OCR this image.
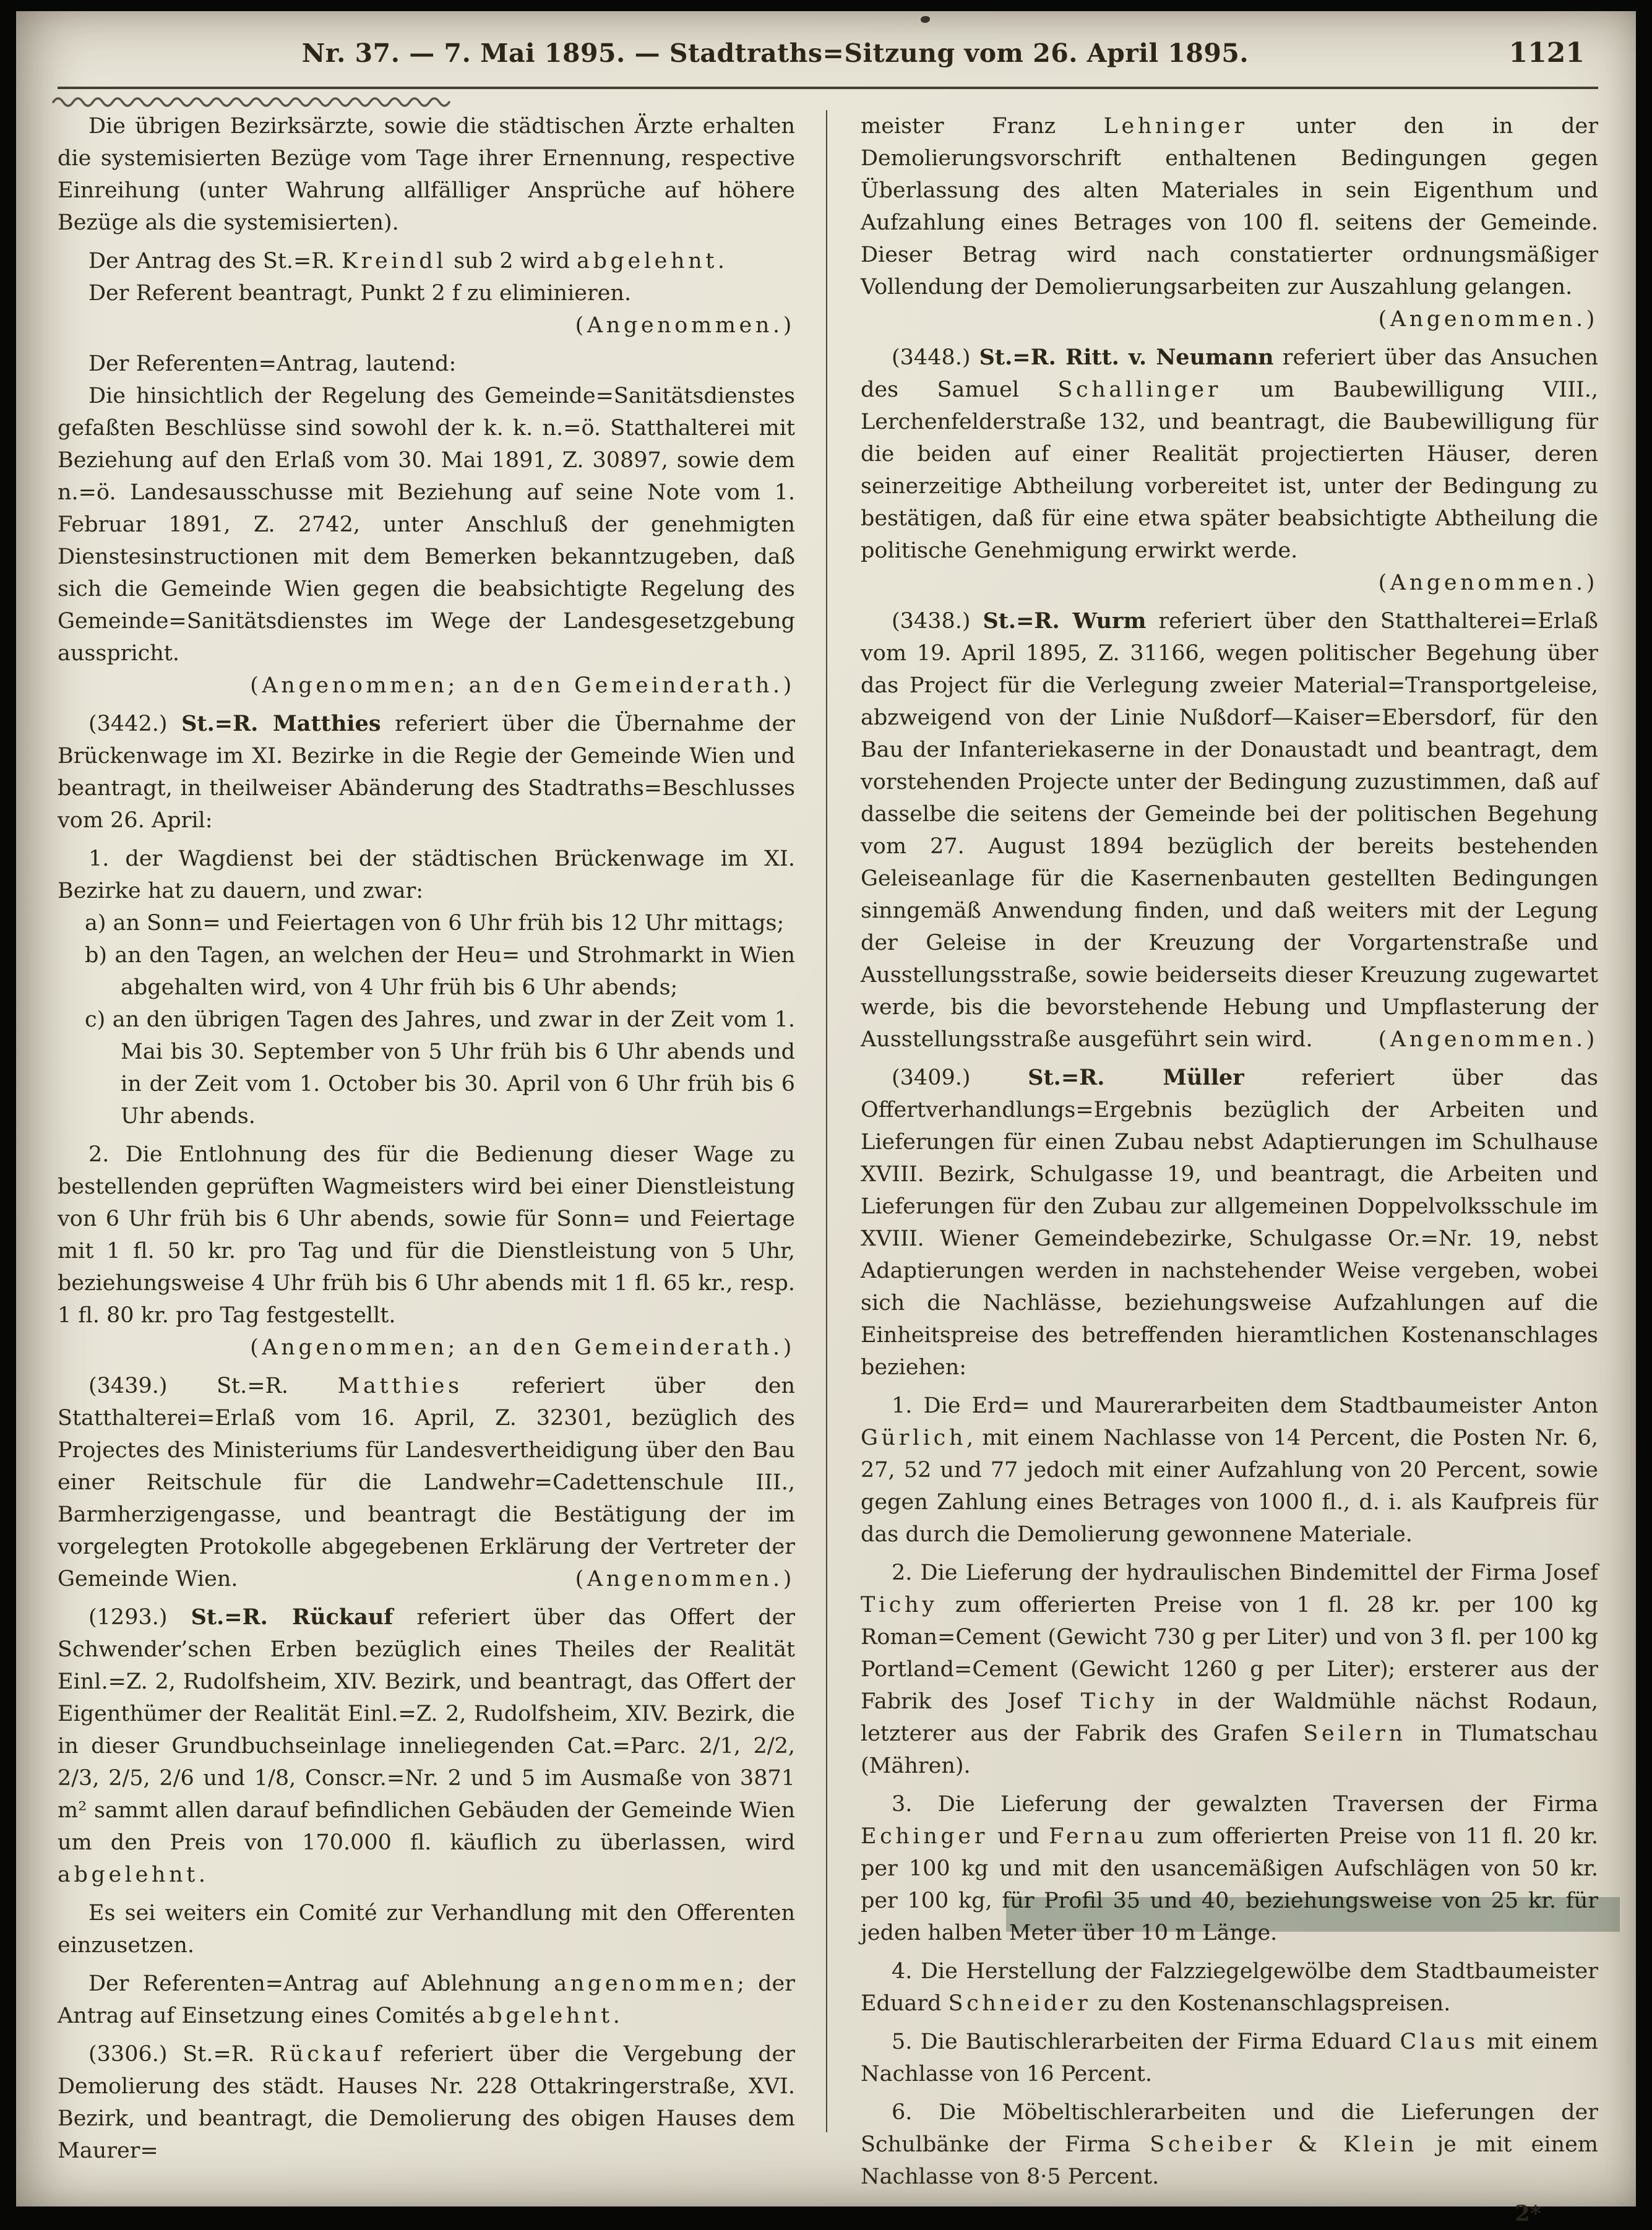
Nr. 37. — 7. Mai 1895. — Stadtraths=Sitzung vom 26. April 1895.	1121

Die übrigen Bezirksärzte, sowie die städtischen Ärzte erhalten die systemisierten Bezüge vom Tage ihrer Ernennung, respective Einreihung (unter Wahrung allfälliger Ansprüche auf höhere Bezüge als die systemisierten).

Der Antrag des St.=R. Kreindl sub 2 wird abgelehnt.

Der Referent beantragt, Punkt 2 f zu eliminieren.

(Angenommen.)

Der Referenten=Antrag, lautend:

Die hinsichtlich der Regelung des Gemeinde=Sanitätsdienstes gefaßten Beschlüsse sind sowohl der k. k. n.=ö. Statthalterei mit Beziehung auf den Erlaß vom 30. Mai 1891, Z. 30897, sowie dem n.=ö. Landesausschusse mit Beziehung auf seine Note vom 1. Februar 1891, Z. 2742, unter Anschluß der genehmigten Dienstesinstructionen mit dem Bemerken bekanntzugeben, daß sich die Gemeinde Wien gegen die beabsichtigte Regelung des Gemeinde=Sanitätsdienstes im Wege der Landesgesetzgebung ausspricht.

(Angenommen; an den Gemeinderath.)

(3442.) St.=R. Matthies referiert über die Übernahme der Brückenwage im XI. Bezirke in die Regie der Gemeinde Wien und beantragt, in theilweiser Abänderung des Stadtraths=Beschlusses vom 26. April:

1. der Wagdienst bei der städtischen Brückenwage im XI. Bezirke hat zu dauern, und zwar:

a) an Sonn= und Feiertagen von 6 Uhr früh bis 12 Uhr mittags;

b) an den Tagen, an welchen der Heu= und Strohmarkt in Wien abgehalten wird, von 4 Uhr früh bis 6 Uhr abends;

c) an den übrigen Tagen des Jahres, und zwar in der Zeit vom 1. Mai bis 30. September von 5 Uhr früh bis 6 Uhr abends und in der Zeit vom 1. October bis 30. April von 6 Uhr früh bis 6 Uhr abends.

2. Die Entlohnung des für die Bedienung dieser Wage zu bestellenden geprüften Wagmeisters wird bei einer Dienstleistung von 6 Uhr früh bis 6 Uhr abends, sowie für Sonn= und Feiertage mit 1 fl. 50 kr. pro Tag und für die Dienstleistung von 5 Uhr, beziehungsweise 4 Uhr früh bis 6 Uhr abends mit 1 fl. 65 kr., resp. 1 fl. 80 kr. pro Tag festgestellt.

(Angenommen; an den Gemeinderath.)

(3439.) St.=R. Matthies referiert über den Statthalterei=Erlaß vom 16. April, Z. 32301, bezüglich des Projectes des Ministeriums für Landesvertheidigung über den Bau einer Reitschule für die Landwehr=Cadettenschule III., Barmherzigengasse, und beantragt die Bestätigung der im vorgelegten Protokolle abgegebenen Erklärung der Vertreter der Gemeinde Wien.	(Angenommen.)

(1293.) St.=R. Rückauf referiert über das Offert der Schwender’schen Erben bezüglich eines Theiles der Realität Einl.=Z. 2, Rudolfsheim, XIV. Bezirk, und beantragt, das Offert der Eigenthümer der Realität Einl.=Z. 2, Rudolfsheim, XIV. Bezirk, die in dieser Grundbuchseinlage inneliegenden Cat.=Parc. 2/1, 2/2, 2/3, 2/5, 2/6 und 1/8, Conscr.=Nr. 2 und 5 im Ausmaße von 3871 m² sammt allen darauf befindlichen Gebäuden der Gemeinde Wien um den Preis von 170.000 fl. käuflich zu überlassen, wird abgelehnt.

Es sei weiters ein Comité zur Verhandlung mit den Offerenten einzusetzen.

Der Referenten=Antrag auf Ablehnung angenommen; der Antrag auf Einsetzung eines Comités abgelehnt.

(3306.) St.=R. Rückauf referiert über die Vergebung der Demolierung des städt. Hauses Nr. 228 Ottakringerstraße, XVI. Bezirk, und beantragt, die Demolierung des obigen Hauses dem Maurer=

meister Franz Lehninger unter den in der Demolierungsvorschrift enthaltenen Bedingungen gegen Überlassung des alten Materiales in sein Eigenthum und Aufzahlung eines Betrages von 100 fl. seitens der Gemeinde. Dieser Betrag wird nach constatierter ordnungsmäßiger Vollendung der Demolierungsarbeiten zur Auszahlung gelangen.

(Angenommen.)

(3448.) St.=R. Ritt. v. Neumann referiert über das Ansuchen des Samuel Schallinger um Baubewilligung VIII., Lerchenfelderstraße 132, und beantragt, die Baubewilligung für die beiden auf einer Realität projectierten Häuser, deren seinerzeitige Abtheilung vorbereitet ist, unter der Bedingung zu bestätigen, daß für eine etwa später beabsichtigte Abtheilung die politische Genehmigung erwirkt werde.

(Angenommen.)

(3438.) St.=R. Wurm referiert über den Statthalterei=Erlaß vom 19. April 1895, Z. 31166, wegen politischer Begehung über das Project für die Verlegung zweier Material=Transportgeleise, abzweigend von der Linie Nußdorf—Kaiser=Ebersdorf, für den Bau der Infanteriekaserne in der Donaustadt und beantragt, dem vorstehenden Projecte unter der Bedingung zuzustimmen, daß auf dasselbe die seitens der Gemeinde bei der politischen Begehung vom 27. August 1894 bezüglich der bereits bestehenden Geleiseanlage für die Kasernenbauten gestellten Bedingungen sinngemäß Anwendung finden, und daß weiters mit der Legung der Geleise in der Kreuzung der Vorgartenstraße und Ausstellungsstraße, sowie beiderseits dieser Kreuzung zugewartet werde, bis die bevorstehende Hebung und Umpflasterung der Ausstellungsstraße ausgeführt sein wird.	(Angenommen.)

(3409.) St.=R. Müller referiert über das Offertverhandlungs=Ergebnis bezüglich der Arbeiten und Lieferungen für einen Zubau nebst Adaptierungen im Schulhause XVIII. Bezirk, Schulgasse 19, und beantragt, die Arbeiten und Lieferungen für den Zubau zur allgemeinen Doppelvolksschule im XVIII. Wiener Gemeindebezirke, Schulgasse Or.=Nr. 19, nebst Adaptierungen werden in nachstehender Weise vergeben, wobei sich die Nachlässe, beziehungsweise Aufzahlungen auf die Einheitspreise des betreffenden hieramtlichen Kostenanschlages beziehen:

1. Die Erd= und Maurerarbeiten dem Stadtbaumeister Anton Gürlich, mit einem Nachlasse von 14 Percent, die Posten Nr. 6, 27, 52 und 77 jedoch mit einer Aufzahlung von 20 Percent, sowie gegen Zahlung eines Betrages von 1000 fl., d. i. als Kaufpreis für das durch die Demolierung gewonnene Materiale.

2. Die Lieferung der hydraulischen Bindemittel der Firma Josef Tichy zum offerierten Preise von 1 fl. 28 kr. per 100 kg Roman=Cement (Gewicht 730 g per Liter) und von 3 fl. per 100 kg Portland=Cement (Gewicht 1260 g per Liter); ersterer aus der Fabrik des Josef Tichy in der Waldmühle nächst Rodaun, letzterer aus der Fabrik des Grafen Seilern in Tlumatschau (Mähren).

3. Die Lieferung der gewalzten Traversen der Firma Echinger und Fernau zum offerierten Preise von 11 fl. 20 kr. per 100 kg und mit den usancemäßigen Aufschlägen von 50 kr. per 100 kg, für Profil 35 und 40, beziehungsweise von 25 kr. für jeden halben Meter über 10 m Länge.

4. Die Herstellung der Falzziegelgewölbe dem Stadtbaumeister Eduard Schneider zu den Kostenanschlagspreisen.

5. Die Bautischlerarbeiten der Firma Eduard Claus mit einem Nachlasse von 16 Percent.

6. Die Möbeltischlerarbeiten und die Lieferungen der Schulbänke der Firma Scheiber & Klein je mit einem Nachlasse von 8·5 Percent.

2*
